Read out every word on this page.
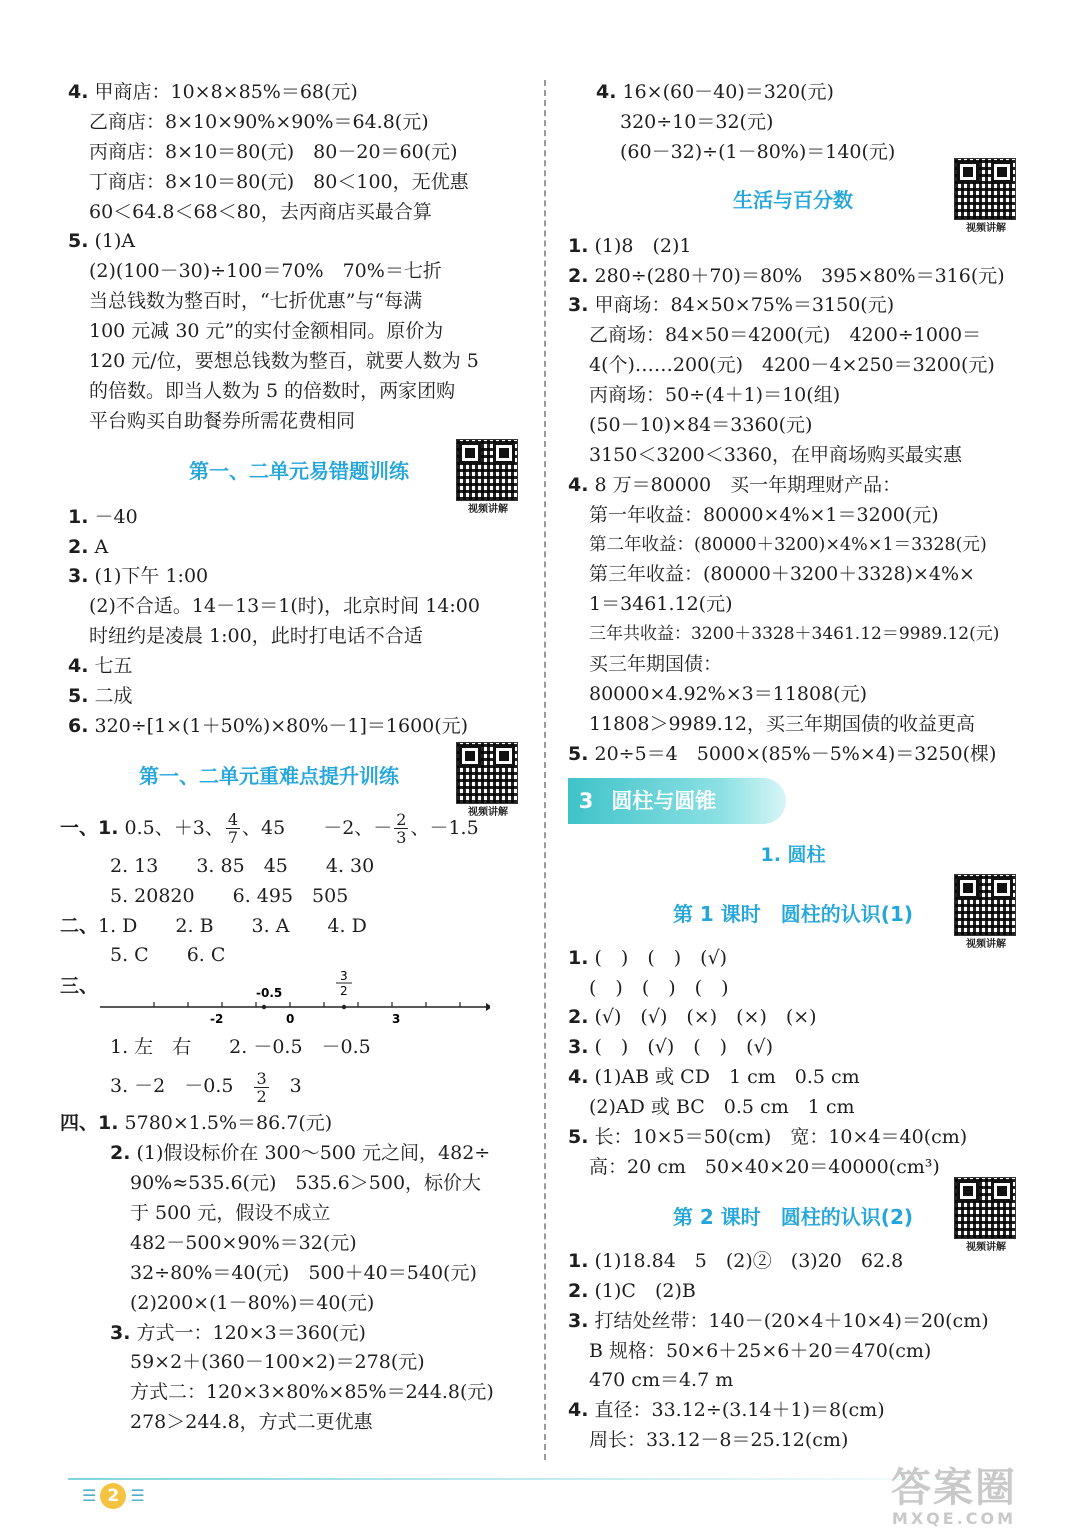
4. 甲商店：10×8×85%＝68(元)
乙商店：8×10×90%×90%＝64.8(元)
丙商店：8×10＝80(元)　80－20＝60(元)
丁商店：8×10＝80(元)　80＜100，无优惠
60＜64.8＜68＜80，去丙商店买最合算
5. (1)A
(2)(100－30)÷100＝70%　70%＝七折
当总钱数为整百时，“七折优惠”与“每满
100 元减 30 元”的实付金额相同。原价为
120 元/位，要想总钱数为整百，就要人数为 5
的倍数。即当人数为 5 的倍数时，两家团购
平台购买自助餐券所需花费相同
第一、二单元易错题训练
视频讲解
1. －40
2. A
3. (1)下午 1:00
(2)不合适。14－13＝1(时)，北京时间 14:00
时纽约是凌晨 1:00，此时打电话不合适
4. 七五
5. 二成
6. 320÷[1×(1＋50%)×80%－1]＝1600(元)
第一、二单元重难点提升训练
视频讲解
一、1. 0.5、＋3、 $\frac{4}{7}$ 、45　　－2、－ $\frac{2}{3}$ 、－1.5
2. 13　　3. 85　45　　4. 30
5. 20820　　6. 495　505
二、1. D　　2. B　　3. A　　4. D
5. C　　6. C
三、	-0.5
3
2
-2	0	3
1. 左　右　　2. －0.5　－0.5
3. －2　－0.5　 $\frac{3}{2}$ 　3
四、1. 5780×1.5%＝86.7(元)
2. (1)假设标价在 300～500 元之间，482÷
90%≈535.6(元)　535.6＞500，标价大
于 500 元，假设不成立
482－500×90%＝32(元)
32÷80%＝40(元)　500＋40＝540(元)
(2)200×(1－80%)＝40(元)
3. 方式一：120×3＝360(元)
59×2＋(360－100×2)＝278(元)
方式二：120×3×80%×85%＝244.8(元)
278＞244.8，方式二更优惠
4. 16×(60－40)＝320(元)
320÷10＝32(元)
(60－32)÷(1－80%)＝140(元)
生活与百分数
视频讲解
1. (1)8　(2)1
2. 280÷(280＋70)＝80%　395×80%＝316(元)
3. 甲商场：84×50×75%＝3150(元)
乙商场：84×50＝4200(元)　4200÷1000＝
4(个)……200(元)　4200－4×250＝3200(元)
丙商场：50÷(4＋1)＝10(组)
(50－10)×84＝3360(元)
3150＜3200＜3360，在甲商场购买最实惠
4. 8 万＝80000　买一年期理财产品：
第一年收益：80000×4%×1＝3200(元)
第二年收益：(80000＋3200)×4%×1＝3328(元)
第三年收益：(80000＋3200＋3328)×4%×
1＝3461.12(元)
三年共收益：3200＋3328＋3461.12＝9989.12(元)
买三年期国债：
80000×4.92%×3＝11808(元)
11808＞9989.12，买三年期国债的收益更高
5. 20÷5＝4　5000×(85%－5%×4)＝3250(棵)
3 圆柱与圆锥
1. 圆柱
第 1 课时　圆柱的认识(1)
视频讲解
1. (　)　(　)　(√)
(　)　(　)　(　)
2. (√)　(√)　(×)　(×)　(×)
3. (　)　(√)　(　)　(√)
4. (1)AB 或 CD　1 cm　0.5 cm
(2)AD 或 BC　0.5 cm　1 cm
5. 长：10×5＝50(cm)　宽：10×4＝40(cm)
高：20 cm　50×40×20＝40000(cm³)
第 2 课时　圆柱的认识(2)
视频讲解
1. (1)18.84　5　(2)②　(3)20　62.8
2. (1)C　(2)B
3. 打结处丝带：140－(20×4＋10×4)＝20(cm)
B 规格：50×6＋25×6＋20＝470(cm)
470 cm＝4.7 m
4. 直径：33.12÷(3.14＋1)＝8(cm)
周长：33.12－8＝25.12(cm)
☰ 2 ☰	答案圈
MXQE.COM
